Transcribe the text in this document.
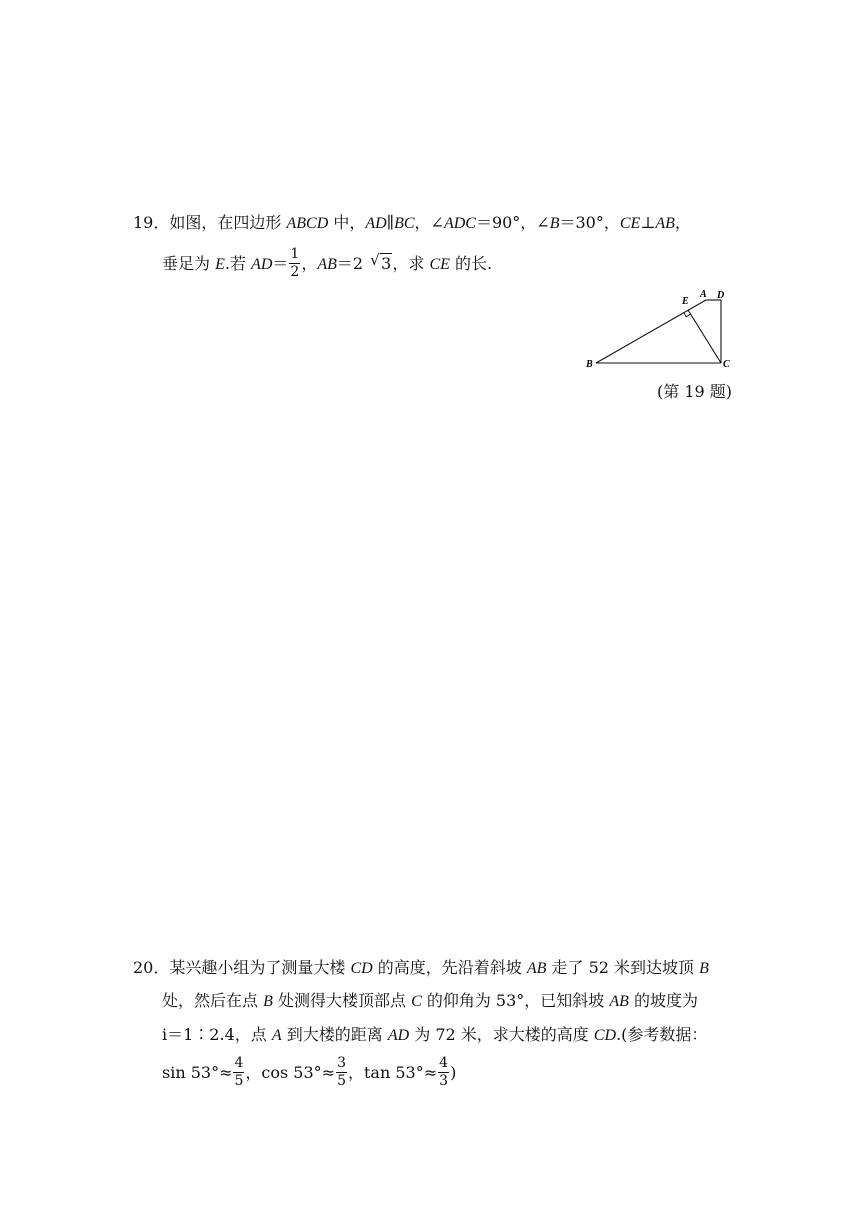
19．如图，在四边形 ABCD 中，AD∥BC，∠ADC＝90°，∠B＝30°，CE⊥AB，
垂足为 E.若 $AD= \frac{1}{2}$ ，AB＝2 √ 3，求 CE 的长.
E
A D
B	C
(第 19 题)
20．某兴趣小组为了测量大楼 CD 的高度，先沿着斜坡 AB 走了 52 米到达坡顶 B
处，然后在点 B 处测得大楼顶部点 C 的仰角为 53°，已知斜坡 AB 的坡度为
i＝1∶2.4，点 A 到大楼的距离 AD 为 72 米，求大楼的高度 CD.(参考数据：
$\sin 53^\circ\approx \frac{4}{5}$ ，$\cos 53^\circ\approx \frac{3}{5}$ ，$\tan 53^\circ\approx \frac{4}{3}$ )
